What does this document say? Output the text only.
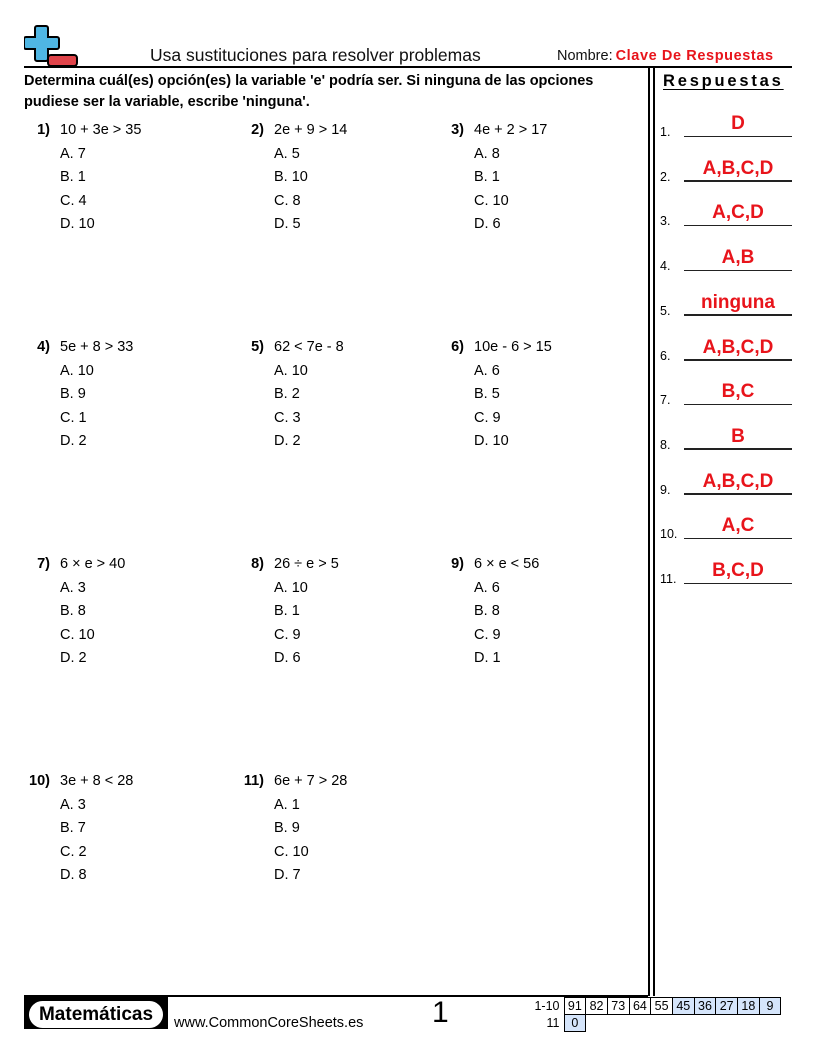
Usa sustituciones para resolver problemas	Nombre: Clave De Respuestas
Determina cuál(es) opción(es) la variable 'e' podría ser. Si ninguna de las opciones pudiese ser la variable, escribe 'ninguna'.
Respuestas
1) 10 + 3e > 35
A. 7
B. 1
C. 4
D. 10
2) 2e + 9 > 14
A. 5
B. 10
C. 8
D. 5
3) 4e + 2 > 17
A. 8
B. 1
C. 10
D. 6
4) 5e + 8 > 33
A. 10
B. 9
C. 1
D. 2
5) 62 < 7e - 8
A. 10
B. 2
C. 3
D. 2
6) 10e - 6 > 15
A. 6
B. 5
C. 9
D. 10
7) 6 × e > 40
A. 3
B. 8
C. 10
D. 2
8) 26 ÷ e > 5
A. 10
B. 1
C. 9
D. 6
9) 6 × e < 56
A. 6
B. 8
C. 9
D. 1
10) 3e + 8 < 28
A. 3
B. 7
C. 2
D. 8
11) 6e + 7 > 28
A. 1
B. 9
C. 10
D. 7
1.	D
2.	A,B,C,D
3.	A,C,D
4.	A,B
5.	ninguna
6.	A,B,C,D
7.	B,C
8.	B
9.	A,B,C,D
10.	A,C
11.	B,C,D
Matemáticas	www.CommonCoreSheets.es 1	1-10	91	82	73	64	55	45	36	27	18	9
11	0									
